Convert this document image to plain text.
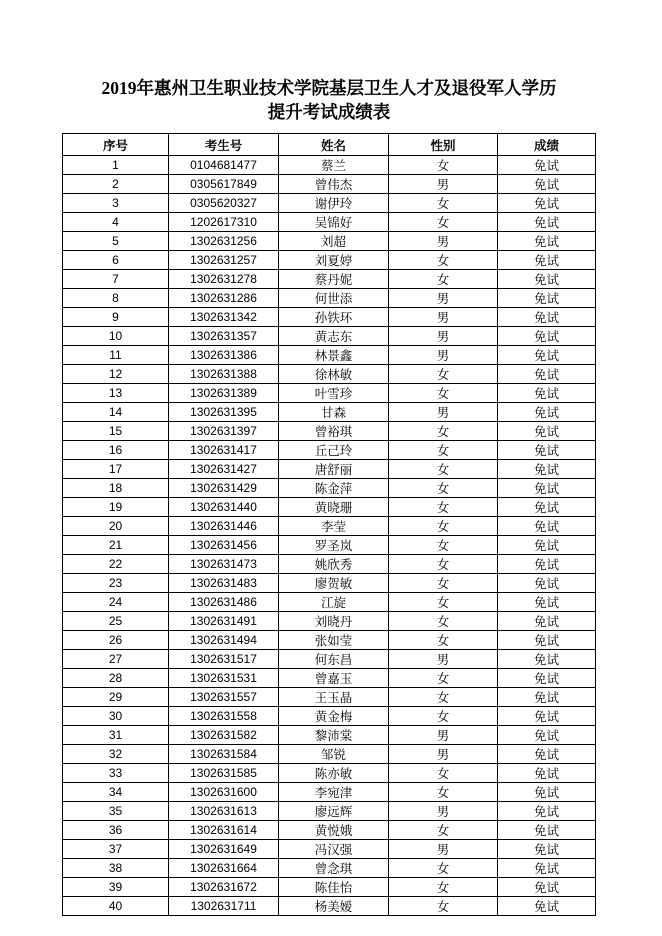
2019年惠州卫生职业技术学院基层卫生人才及退役军人学历
提升考试成绩表
序号	考生号	姓名	性别	成绩
1	0104681477	蔡兰	女	免试
2	0305617849	曾伟杰	男	免试
3	0305620327	谢伊玲	女	免试
4	1202617310	吴锦好	女	免试
5	1302631256	刘超	男	免试
6	1302631257	刘夏婷	女	免试
7	1302631278	蔡丹妮	女	免试
8	1302631286	何世添	男	免试
9	1302631342	孙铁环	男	免试
10	1302631357	黄志东	男	免试
11	1302631386	林景鑫	男	免试
12	1302631388	徐林敏	女	免试
13	1302631389	叶雪珍	女	免试
14	1302631395	甘森	男	免试
15	1302631397	曾裕琪	女	免试
16	1302631417	丘己玲	女	免试
17	1302631427	唐舒丽	女	免试
18	1302631429	陈金萍	女	免试
19	1302631440	黄晓珊	女	免试
20	1302631446	李莹	女	免试
21	1302631456	罗圣岚	女	免试
22	1302631473	姚欣秀	女	免试
23	1302631483	廖贺敏	女	免试
24	1302631486	江旋	女	免试
25	1302631491	刘晓丹	女	免试
26	1302631494	张如莹	女	免试
27	1302631517	何东昌	男	免试
28	1302631531	曾嘉玉	女	免试
29	1302631557	王玉晶	女	免试
30	1302631558	黄金梅	女	免试
31	1302631582	黎沛棠	男	免试
32	1302631584	邹锐	男	免试
33	1302631585	陈亦敏	女	免试
34	1302631600	李宛津	女	免试
35	1302631613	廖远辉	男	免试
36	1302631614	黄悦娥	女	免试
37	1302631649	冯汉强	男	免试
38	1302631664	曾念琪	女	免试
39	1302631672	陈佳怡	女	免试
40	1302631711	杨美嫒	女	免试
